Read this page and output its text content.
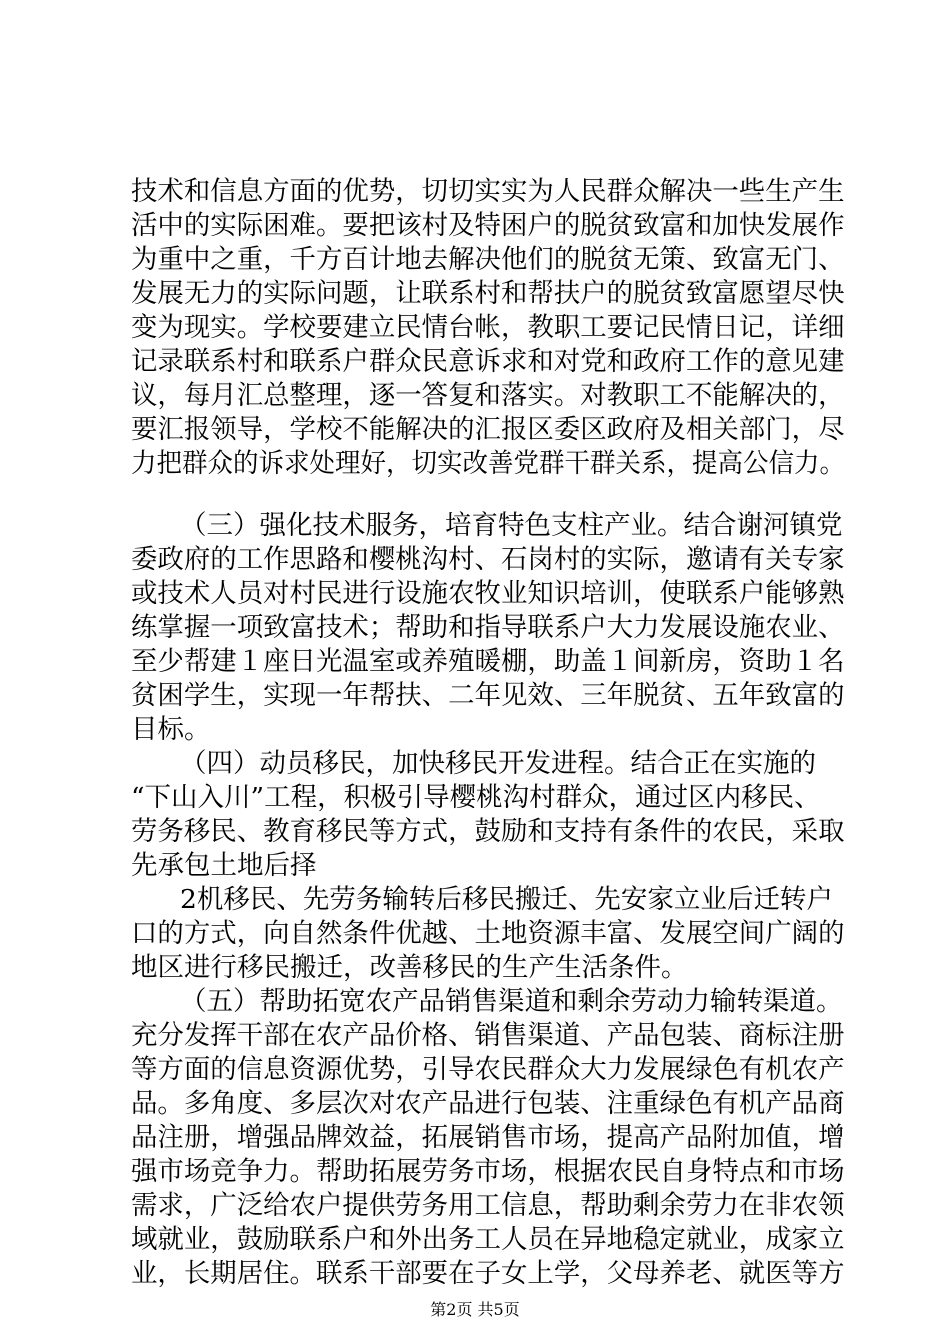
技术和信息方面的优势，切切实实为人民群众解决一些生产生
活中的实际困难。要把该村及特困户的脱贫致富和加快发展作
为重中之重，千方百计地去解决他们的脱贫无策、致富无门、
发展无力的实际问题，让联系村和帮扶户的脱贫致富愿望尽快
变为现实。学校要建立民情台帐，教职工要记民情日记，详细
记录联系村和联系户群众民意诉求和对党和政府工作的意见建
议，每月汇总整理，逐一答复和落实。对教职工不能解决的，
要汇报领导，学校不能解决的汇报区委区政府及相关部门，尽
力把群众的诉求处理好，切实改善党群干群关系，提高公信力。
（三）强化技术服务，培育特色支柱产业。结合谢河镇党
委政府的工作思路和樱桃沟村、石岗村的实际，邀请有关专家
或技术人员对村民进行设施农牧业知识培训，使联系户能够熟
练掌握一项致富技术；帮助和指导联系户大力发展设施农业、
至少帮建１座日光温室或养殖暖棚，助盖１间新房，资助１名
贫困学生，实现一年帮扶、二年见效、三年脱贫、五年致富的
目标。
（四）动员移民，加快移民开发进程。结合正在实施的
“下山入川”工程，积极引导樱桃沟村群众，通过区内移民、
劳务移民、教育移民等方式，鼓励和支持有条件的农民，采取
先承包土地后择
2机移民、先劳务输转后移民搬迁、先安家立业后迁转户
口的方式，向自然条件优越、土地资源丰富、发展空间广阔的
地区进行移民搬迁，改善移民的生产生活条件。
（五）帮助拓宽农产品销售渠道和剩余劳动力输转渠道。
充分发挥干部在农产品价格、销售渠道、产品包装、商标注册
等方面的信息资源优势，引导农民群众大力发展绿色有机农产
品。多角度、多层次对农产品进行包装、注重绿色有机产品商
品注册，增强品牌效益，拓展销售市场，提高产品附加值，增
强市场竞争力。帮助拓展劳务市场，根据农民自身特点和市场
需求，广泛给农户提供劳务用工信息，帮助剩余劳力在非农领
域就业，鼓励联系户和外出务工人员在异地稳定就业，成家立
业，长期居住。联系干部要在子女上学，父母养老、就医等方
第2页 共5页
